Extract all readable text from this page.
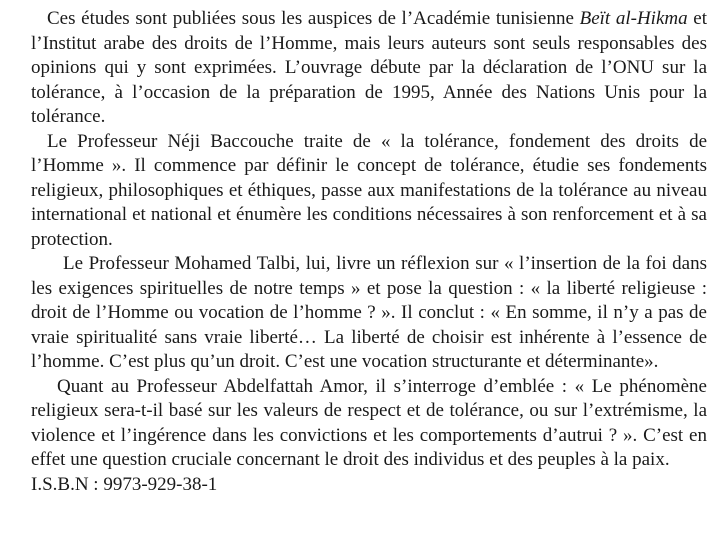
Ces études sont publiées sous les auspices de l’Académie tunisienne Beït al-Hikma et l’Institut arabe des droits de l’Homme, mais leurs auteurs sont seuls responsables des opinions qui y sont exprimées. L’ouvrage débute par la déclaration de l’ONU sur la tolérance, à l’occasion de la préparation de 1995, Année des Nations Unis pour la tolérance.

Le Professeur Néji Baccouche traite de « la tolérance, fondement des droits de l’Homme ». Il commence par définir le concept de tolérance, étudie ses fondements religieux, philosophiques et éthiques, passe aux manifestations de la tolérance au niveau international et national et énumère les conditions nécessaires à son renforcement et à sa protection.

Le Professeur Mohamed Talbi, lui, livre un réflexion sur « l’insertion de la foi dans les exigences spirituelles de notre temps » et pose la question : « la liberté religieuse : droit de l’Homme ou vocation de l’homme ? ». Il conclut : « En somme, il n’y a pas de vraie spiritualité sans vraie liberté… La liberté de choisir est inhérente à l’essence de l’homme. C’est plus qu’un droit. C’est une vocation structurante et déterminante».

Quant au Professeur Abdelfattah Amor, il s’interroge d’emblée : « Le phénomène religieux sera-t-il basé sur les valeurs de respect et de tolérance, ou sur l’extrémisme, la violence et l’ingérence dans les convictions et les comportements d’autrui ? ». C’est en effet une question cruciale concernant le droit des individus et des peuples à la paix.

I.S.B.N : 9973-929-38-1
